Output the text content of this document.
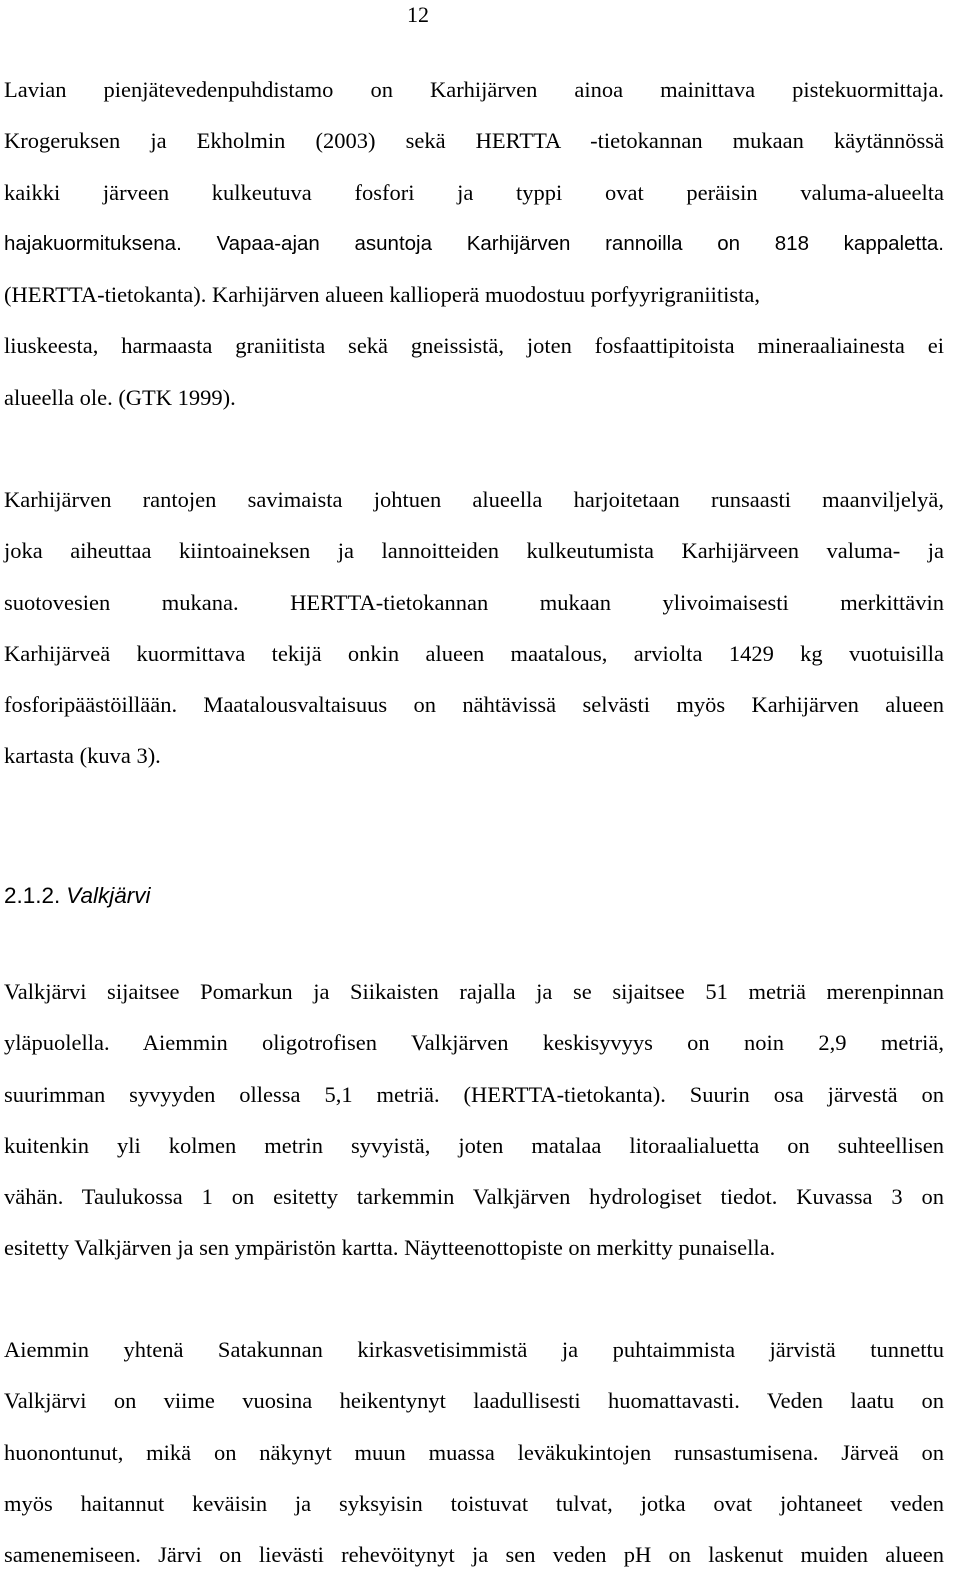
12
Lavian pienjätevedenpuhdistamo on Karhijärven ainoa mainittava pistekuormittaja.
Krogeruksen ja Ekholmin (2003) sekä HERTTA -tietokannan mukaan käytännössä
kaikki järveen kulkeutuva fosfori ja typpi ovat peräisin valuma-alueelta
hajakuormituksena. Vapaa-ajan asuntoja Karhijärven rannoilla on 818 kappaletta.
(HERTTA-tietokanta). Karhijärven alueen kallioperä muodostuu porfyyrigraniitista,
liuskeesta, harmaasta graniitista sekä gneissistä, joten fosfaattipitoista mineraaliainesta ei
alueella ole. (GTK 1999).
Karhijärven rantojen savimaista johtuen alueella harjoitetaan runsaasti maanviljelyä,
joka aiheuttaa kiintoaineksen ja lannoitteiden kulkeutumista Karhijärveen valuma- ja
suotovesien mukana. HERTTA-tietokannan mukaan ylivoimaisesti merkittävin
Karhijärveä kuormittava tekijä onkin alueen maatalous, arviolta 1429 kg vuotuisilla
fosforipäästöillään. Maatalousvaltaisuus on nähtävissä selvästi myös Karhijärven alueen
kartasta (kuva 3).
2.1.2. Valkjärvi
Valkjärvi sijaitsee Pomarkun ja Siikaisten rajalla ja se sijaitsee 51 metriä merenpinnan
yläpuolella. Aiemmin oligotrofisen Valkjärven keskisyvyys on noin 2,9 metriä,
suurimman syvyyden ollessa 5,1 metriä. (HERTTA-tietokanta). Suurin osa järvestä on
kuitenkin yli kolmen metrin syvyistä, joten matalaa litoraalialuetta on suhteellisen
vähän. Taulukossa 1 on esitetty tarkemmin Valkjärven hydrologiset tiedot. Kuvassa 3 on
esitetty Valkjärven ja sen ympäristön kartta. Näytteenottopiste on merkitty punaisella.
Aiemmin yhtenä Satakunnan kirkasvetisimmistä ja puhtaimmista järvistä tunnettu
Valkjärvi on viime vuosina heikentynyt laadullisesti huomattavasti. Veden laatu on
huonontunut, mikä on näkynyt muun muassa leväkukintojen runsastumisena. Järveä on
myös haitannut keväisin ja syksyisin toistuvat tulvat, jotka ovat johtaneet veden
samenemiseen. Järvi on lievästi rehevöitynyt ja sen veden pH on laskenut muiden alueen
